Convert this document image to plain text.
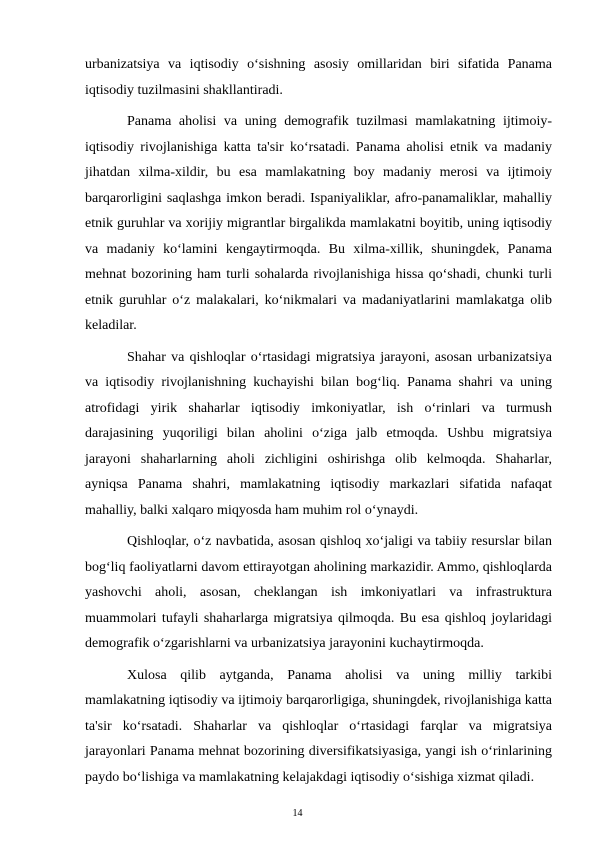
urbanizatsiya va iqtisodiy o‘sishning asosiy omillaridan biri sifatida Panama iqtisodiy tuzilmasini shakllantiradi.

Panama aholisi va uning demografik tuzilmasi mamlakatning ijtimoiy-iqtisodiy rivojlanishiga katta ta'sir ko‘rsatadi. Panama aholisi etnik va madaniy jihatdan xilma-xildir, bu esa mamlakatning boy madaniy merosi va ijtimoiy barqarorligini saqlashga imkon beradi. Ispaniyaliklar, afro-panamaliklar, mahalliy etnik guruhlar va xorijiy migrantlar birgalikda mamlakatni boyitib, uning iqtisodiy va madaniy ko‘lamini kengaytirmoqda. Bu xilma-xillik, shuningdek, Panama mehnat bozorining ham turli sohalarda rivojlanishiga hissa qo‘shadi, chunki turli etnik guruhlar o‘z malakalari, ko‘nikmalari va madaniyatlarini mamlakatga olib keladilar.

Shahar va qishloqlar o‘rtasidagi migratsiya jarayoni, asosan urbanizatsiya va iqtisodiy rivojlanishning kuchayishi bilan bog‘liq. Panama shahri va uning atrofidagi yirik shaharlar iqtisodiy imkoniyatlar, ish o‘rinlari va turmush darajasining yuqoriligi bilan aholini o‘ziga jalb etmoqda. Ushbu migratsiya jarayoni shaharlarning aholi zichligini oshirishga olib kelmoqda. Shaharlar, ayniqsa Panama shahri, mamlakatning iqtisodiy markazlari sifatida nafaqat mahalliy, balki xalqaro miqyosda ham muhim rol o‘ynaydi.

Qishloqlar, o‘z navbatida, asosan qishloq xo‘jaligi va tabiiy resurslar bilan bog‘liq faoliyatlarni davom ettirayotgan aholining markazidir. Ammo, qishloqlarda yashovchi aholi, asosan, cheklangan ish imkoniyatlari va infrastruktura muammolari tufayli shaharlarga migratsiya qilmoqda. Bu esa qishloq joylaridagi demografik o‘zgarishlarni va urbanizatsiya jarayonini kuchaytirmoqda.

Xulosa qilib aytganda, Panama aholisi va uning milliy tarkibi mamlakatning iqtisodiy va ijtimoiy barqarorligiga, shuningdek, rivojlanishiga katta ta'sir ko‘rsatadi. Shaharlar va qishloqlar o‘rtasidagi farqlar va migratsiya jarayonlari Panama mehnat bozorining diversifikatsiyasiga, yangi ish o‘rinlarining paydo bo‘lishiga va mamlakatning kelajakdagi iqtisodiy o‘sishiga xizmat qiladi.

14
